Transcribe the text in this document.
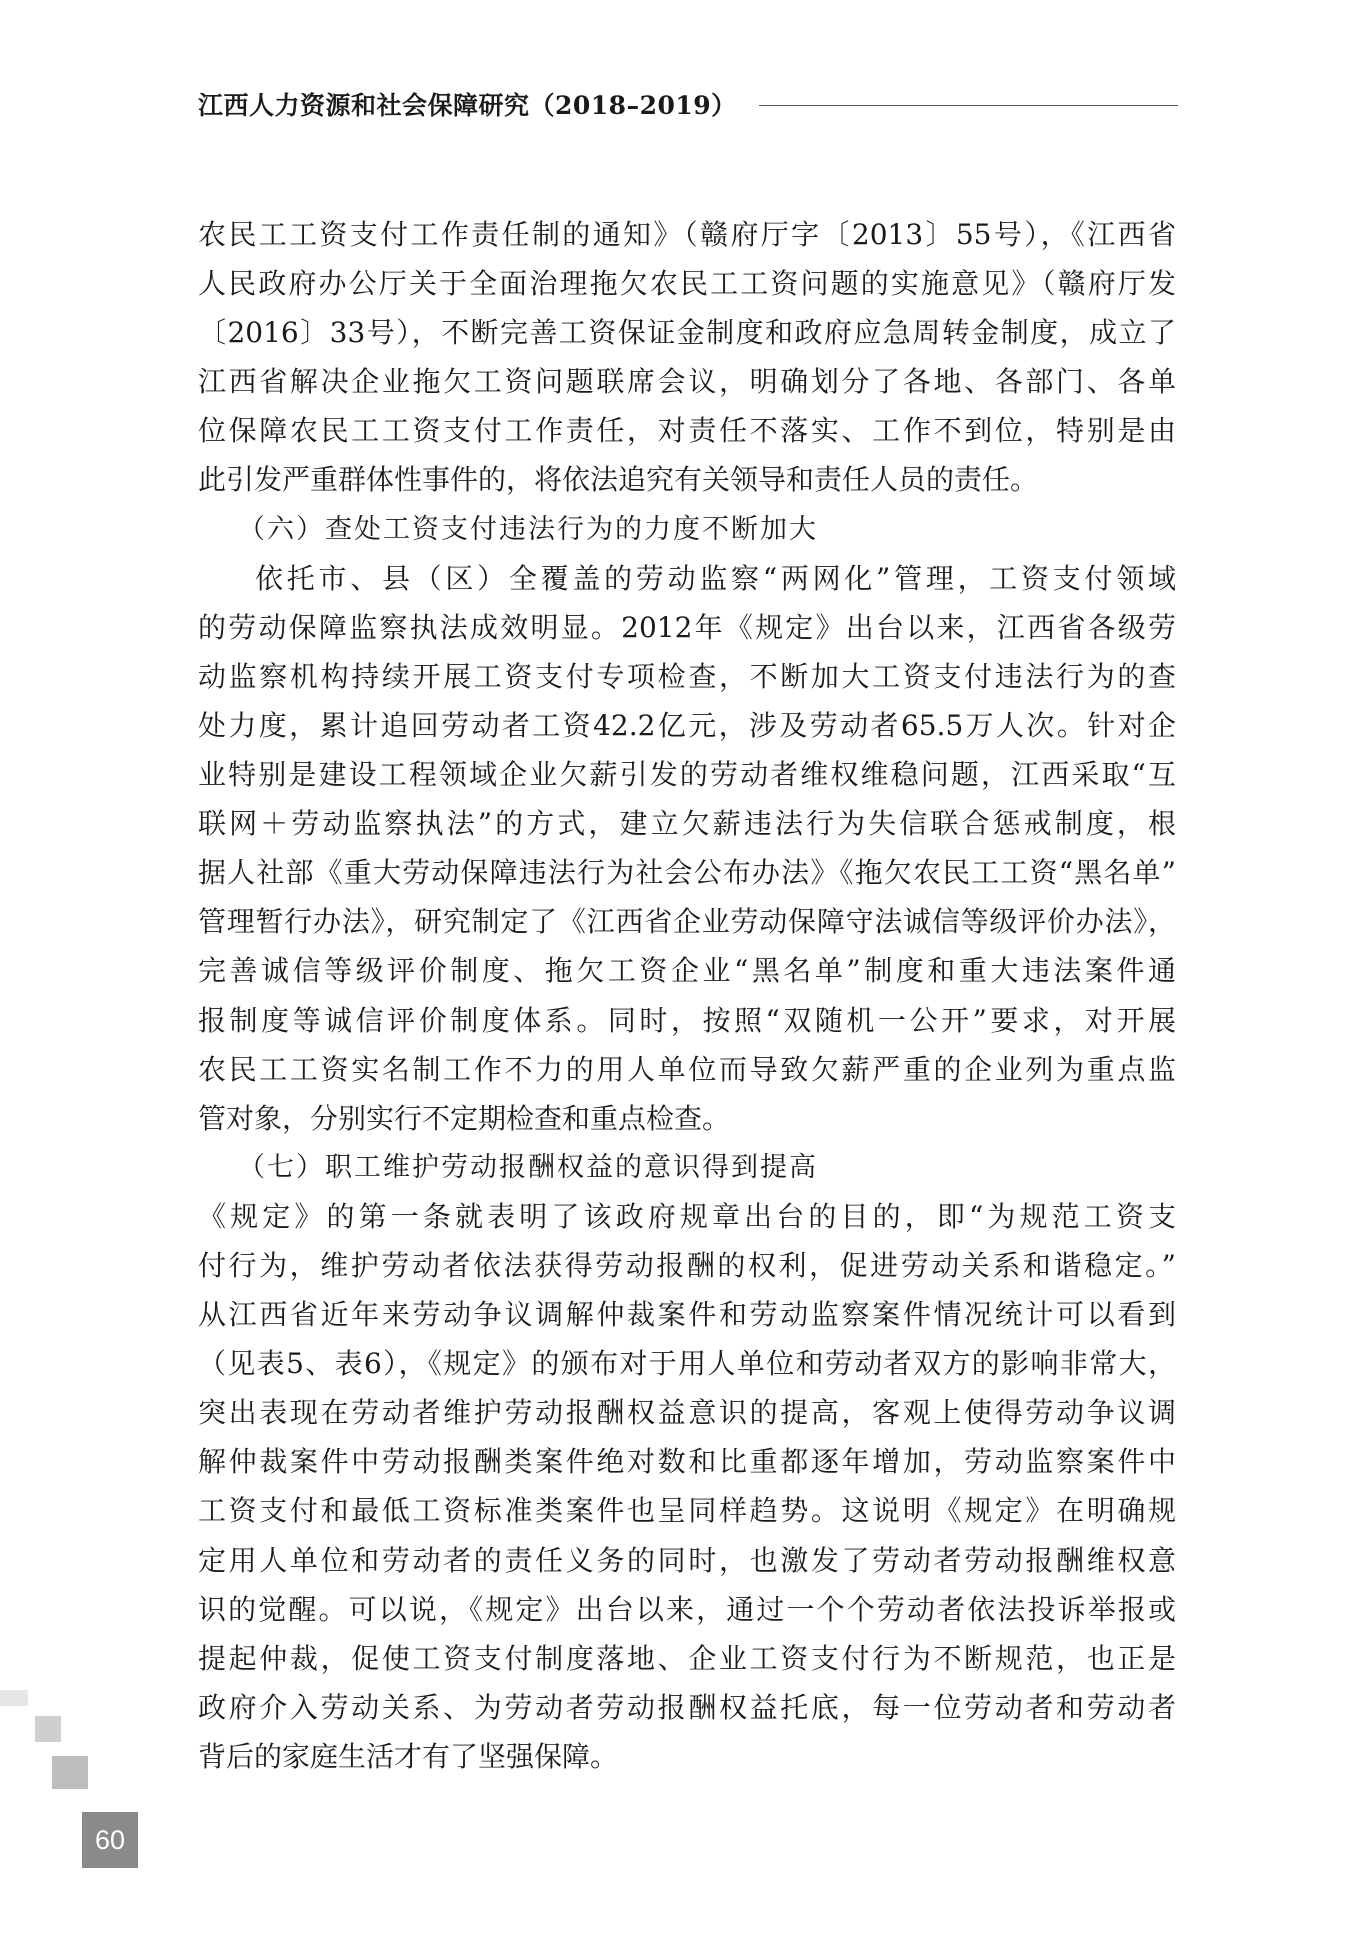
江西人力资源和社会保障研究（2018–2019）
农民工工资支付工作责任制的通知》（赣府厅字〔2013〕55号），《江西省
人民政府办公厅关于全面治理拖欠农民工工资问题的实施意见》（赣府厅发
〔2016〕33号），不断完善工资保证金制度和政府应急周转金制度，成立了
江西省解决企业拖欠工资问题联席会议，明确划分了各地、各部门、各单
位保障农民工工资支付工作责任，对责任不落实、工作不到位，特别是由
此引发严重群体性事件的，将依法追究有关领导和责任人员的责任。
（六）查处工资支付违法行为的力度不断加大
依托市、县（区）全覆盖的劳动监察“两网化”管理，工资支付领域
的劳动保障监察执法成效明显。2012年《规定》出台以来，江西省各级劳
动监察机构持续开展工资支付专项检查，不断加大工资支付违法行为的查
处力度，累计追回劳动者工资42.2亿元，涉及劳动者65.5万人次。针对企
业特别是建设工程领域企业欠薪引发的劳动者维权维稳问题，江西采取“互
联网＋劳动监察执法”的方式，建立欠薪违法行为失信联合惩戒制度，根
据人社部《重大劳动保障违法行为社会公布办法》《拖欠农民工工资“黑名单”
管理暂行办法》，研究制定了《江西省企业劳动保障守法诚信等级评价办法》，
完善诚信等级评价制度、拖欠工资企业“黑名单”制度和重大违法案件通
报制度等诚信评价制度体系。同时，按照“双随机一公开”要求，对开展
农民工工资实名制工作不力的用人单位而导致欠薪严重的企业列为重点监
管对象，分别实行不定期检查和重点检查。
（七）职工维护劳动报酬权益的意识得到提高
《规定》的第一条就表明了该政府规章出台的目的，即“为规范工资支
付行为，维护劳动者依法获得劳动报酬的权利，促进劳动关系和谐稳定。”
从江西省近年来劳动争议调解仲裁案件和劳动监察案件情况统计可以看到
（见表5、表6），《规定》的颁布对于用人单位和劳动者双方的影响非常大，
突出表现在劳动者维护劳动报酬权益意识的提高，客观上使得劳动争议调
解仲裁案件中劳动报酬类案件绝对数和比重都逐年增加，劳动监察案件中
工资支付和最低工资标准类案件也呈同样趋势。这说明《规定》在明确规
定用人单位和劳动者的责任义务的同时，也激发了劳动者劳动报酬维权意
识的觉醒。可以说，《规定》出台以来，通过一个个劳动者依法投诉举报或
提起仲裁，促使工资支付制度落地、企业工资支付行为不断规范，也正是
政府介入劳动关系、为劳动者劳动报酬权益托底，每一位劳动者和劳动者
背后的家庭生活才有了坚强保障。
60
